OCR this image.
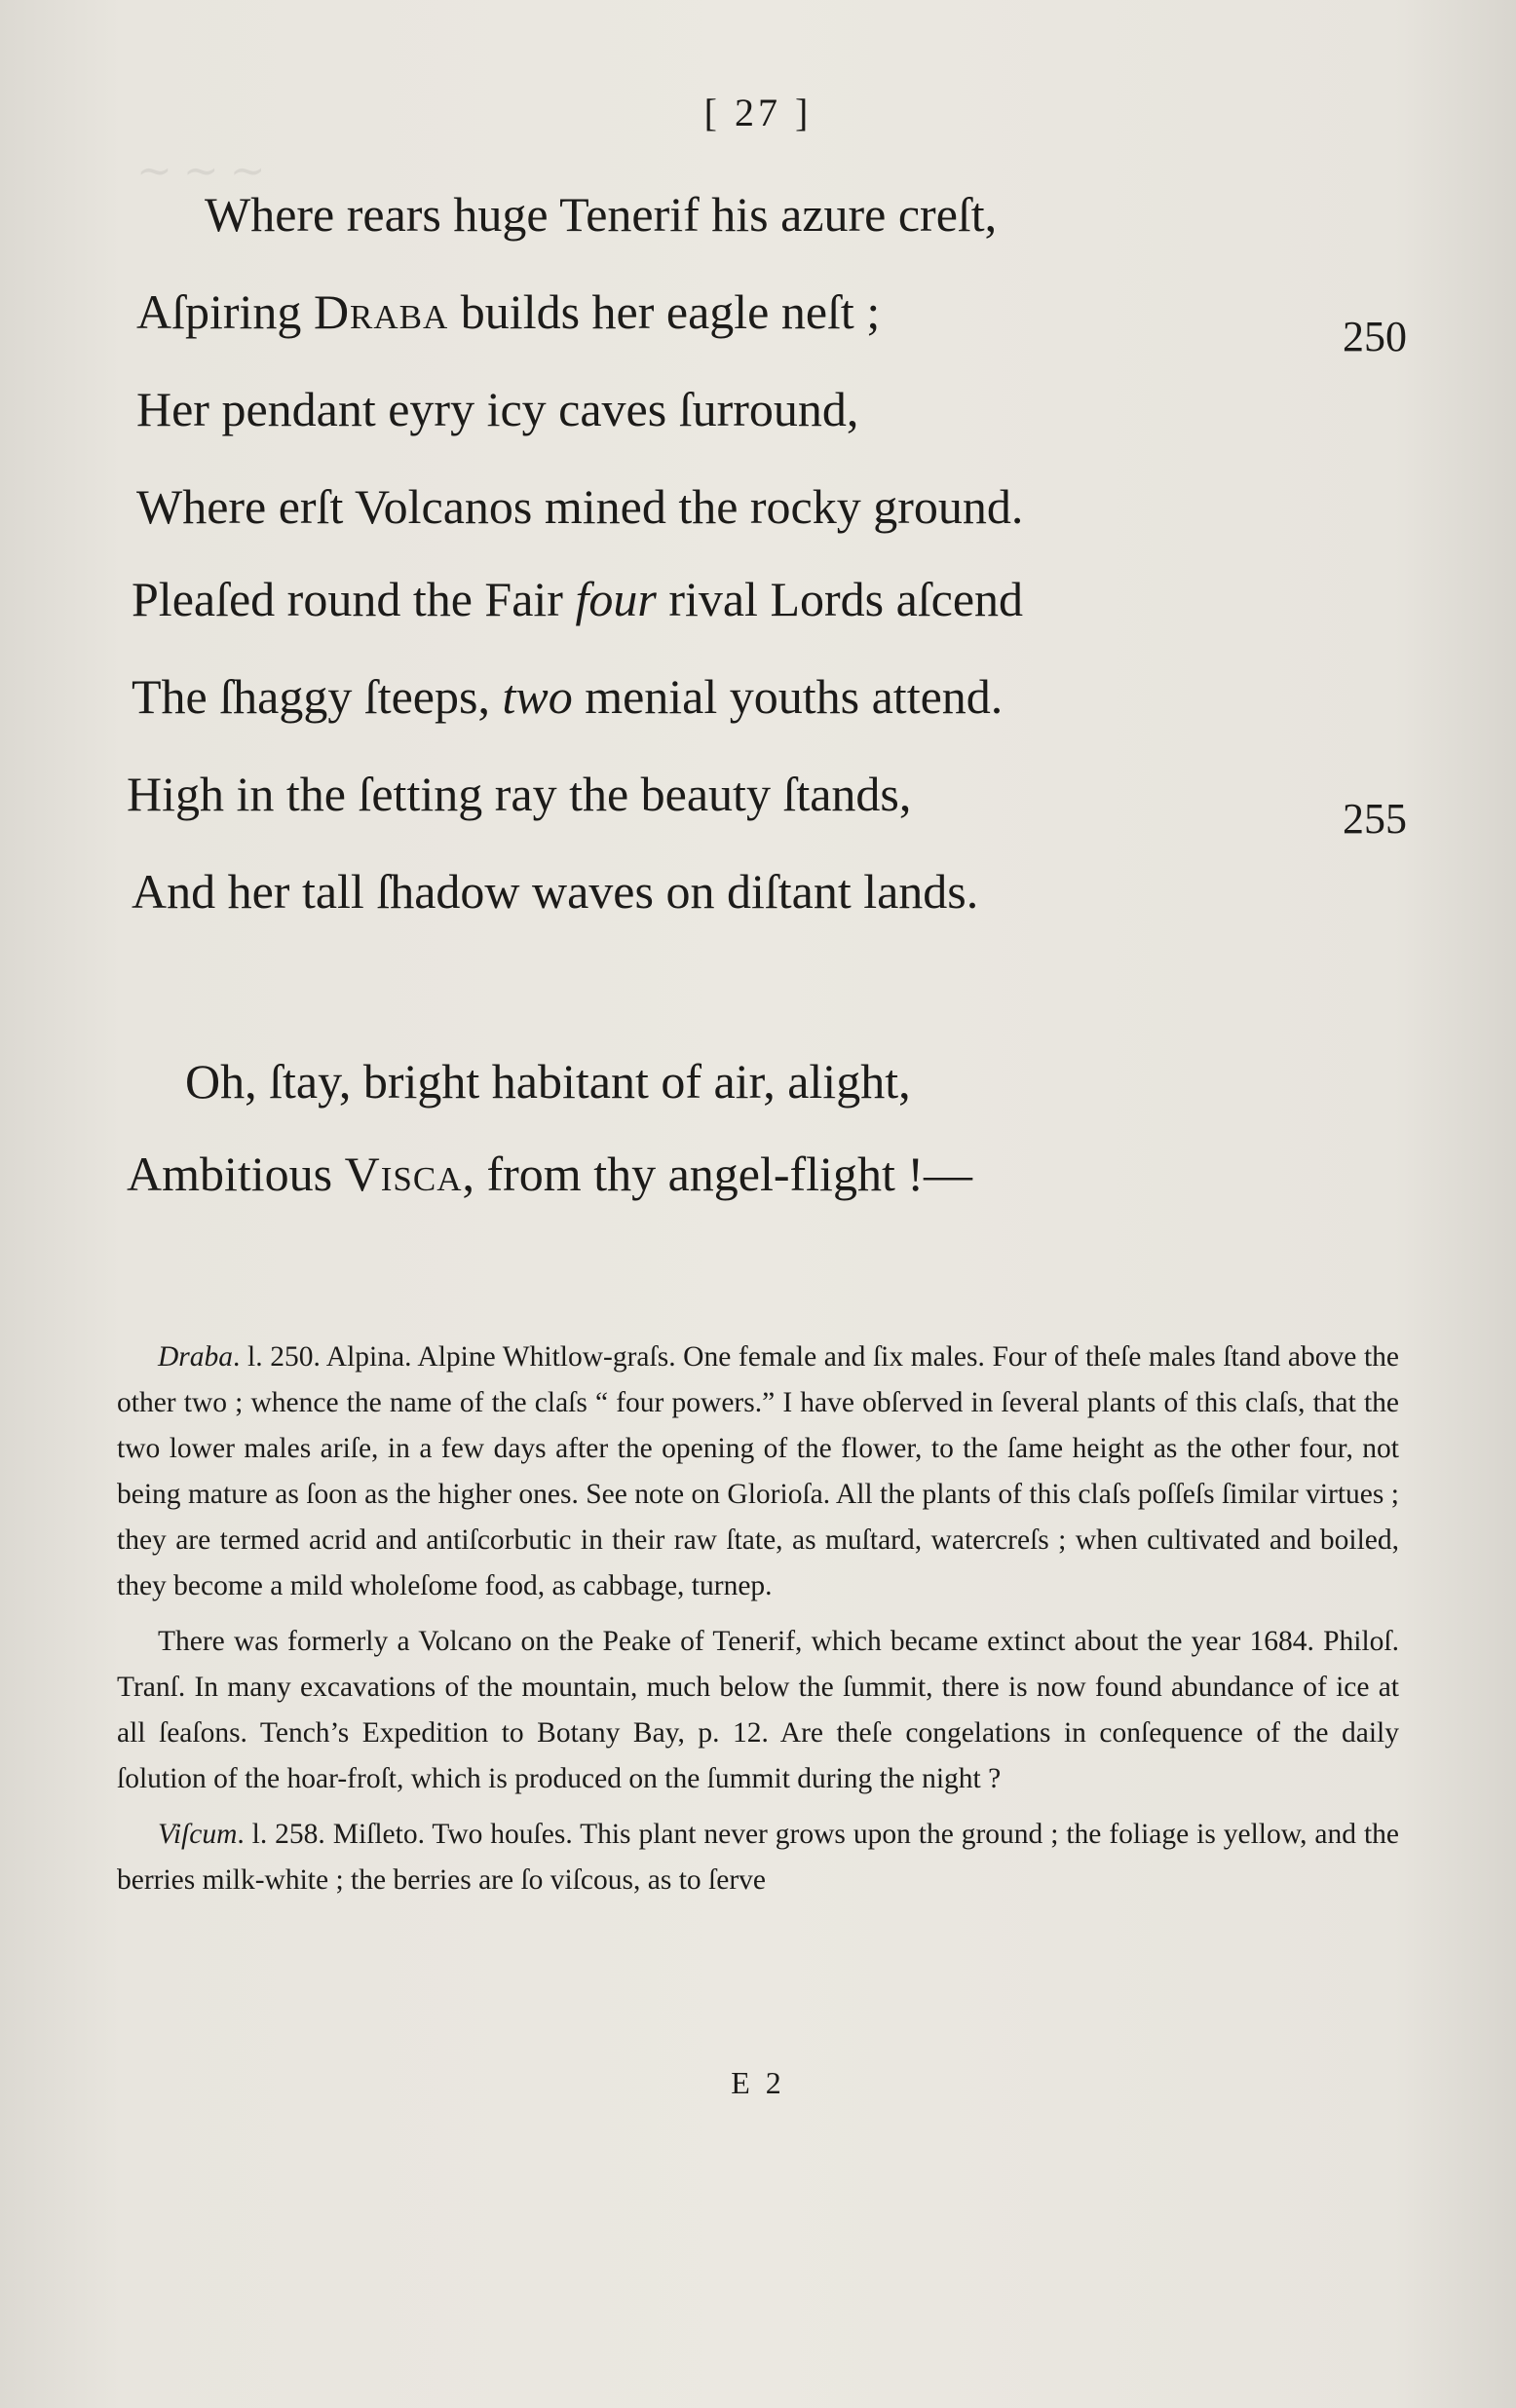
∼ ∼ ∼
[ 27 ]
Where rears huge Tenerif his azure creſt,
Aſpiring Draba builds her eagle neſt ;	250
Her pendant eyry icy caves ſurround,
Where erſt Volcanos mined the rocky ground.
Pleaſed round the Fair four rival Lords aſcend
The ſhaggy ſteeps, two menial youths attend.
High in the ſetting ray the beauty ſtands,	255
And her tall ſhadow waves on diſtant lands.
Oh, ſtay, bright habitant of air, alight,
Ambitious Visca, from thy angel-flight !—

Draba. l. 250. Alpina. Alpine Whitlow-graſs. One female and ſix males. Four of theſe males ſtand above the other two ; whence the name of the claſs “ four powers.” I have obſerved in ſeveral plants of this claſs, that the two lower males ariſe, in a few days after the opening of the flower, to the ſame height as the other four, not being mature as ſoon as the higher ones. See note on Glorioſa. All the plants of this claſs poſſeſs ſimilar virtues ; they are termed acrid and antiſcorbutic in their raw ſtate, as muſtard, watercreſs ; when cultivated and boiled, they become a mild wholeſome food, as cabbage, turnep.

There was formerly a Volcano on the Peake of Tenerif, which became extinct about the year 1684. Philoſ. Tranſ. In many excavations of the mountain, much below the ſummit, there is now found abundance of ice at all ſeaſons. Tench’s Expedition to Botany Bay, p. 12. Are theſe congelations in conſequence of the daily ſolution of the hoar-froſt, which is produced on the ſummit during the night ?

Viſcum. l. 258. Miſleto. Two houſes. This plant never grows upon the ground ; the foliage is yellow, and the berries milk-white ; the berries are ſo viſcous, as to ſerve

E 2
